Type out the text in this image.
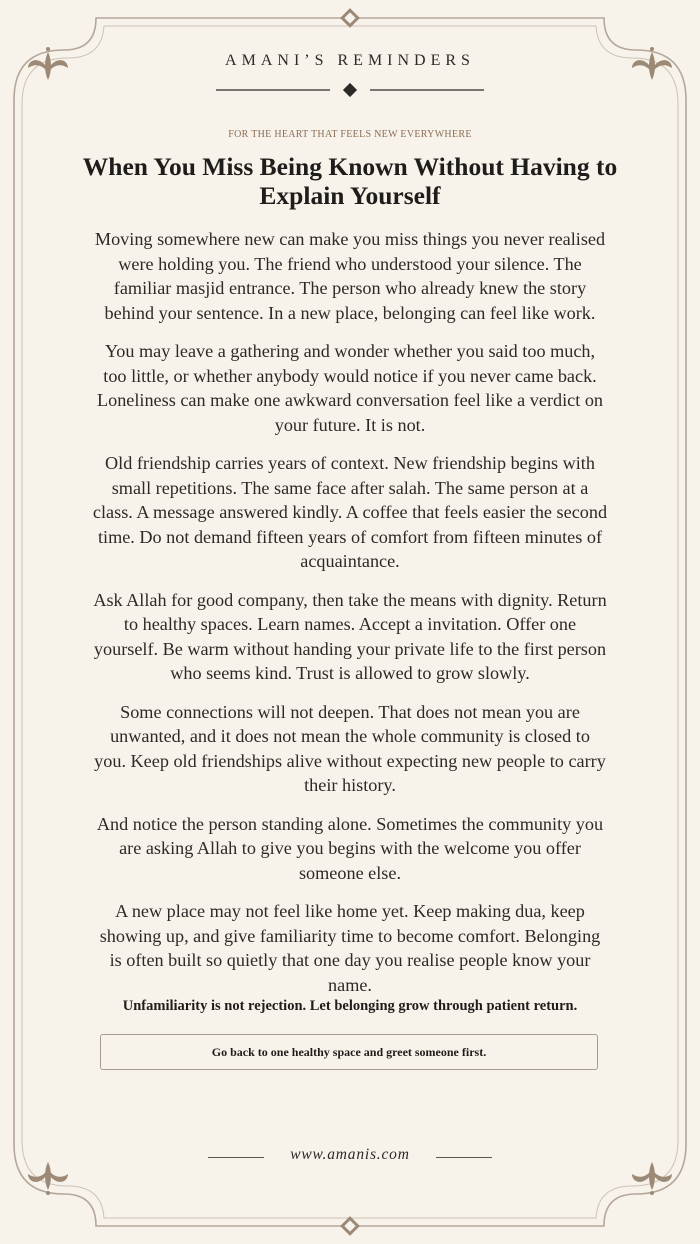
AMANI’S REMINDERS
FOR THE HEART THAT FEELS NEW EVERYWHERE
When You Miss Being Known Without Having to Explain Yourself

Moving somewhere new can make you miss things you never realised were holding you. The friend who understood your silence. The familiar masjid entrance. The person who already knew the story behind your sentence. In a new place, belonging can feel like work.

You may leave a gathering and wonder whether you said too much, too little, or whether anybody would notice if you never came back. Loneliness can make one awkward conversation feel like a verdict on your future. It is not.

Old friendship carries years of context. New friendship begins with small repetitions. The same face after salah. The same person at a class. A message answered kindly. A coffee that feels easier the second time. Do not demand fifteen years of comfort from fifteen minutes of acquaintance.

Ask Allah for good company, then take the means with dignity. Return to healthy spaces. Learn names. Accept a invitation. Offer one yourself. Be warm without handing your private life to the first person who seems kind. Trust is allowed to grow slowly.

Some connections will not deepen. That does not mean you are unwanted, and it does not mean the whole community is closed to you. Keep old friendships alive without expecting new people to carry their history.

And notice the person standing alone. Sometimes the community you are asking Allah to give you begins with the welcome you offer someone else.

A new place may not feel like home yet. Keep making dua, keep showing up, and give familiarity time to become comfort. Belonging is often built so quietly that one day you realise people know your name.

Unfamiliarity is not rejection. Let belonging grow through patient return.
Go back to one healthy space and greet someone first.
www.amanis.com
